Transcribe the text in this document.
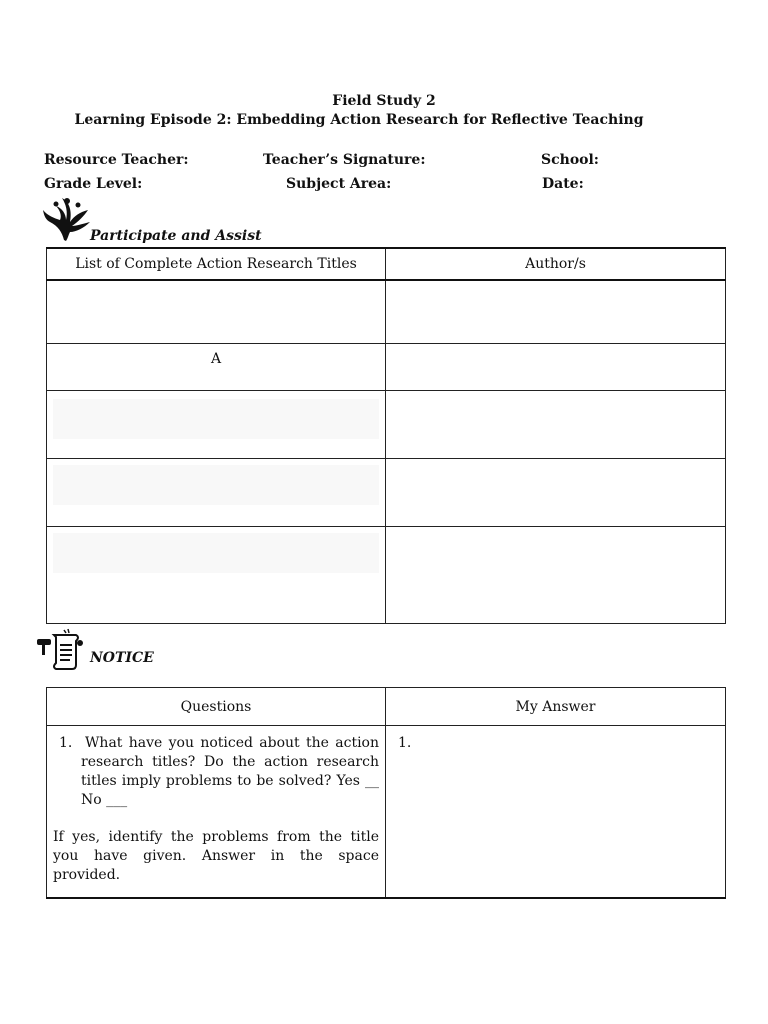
Field Study 2
Learning Episode 2: Embedding Action Research for Reflective Teaching
Resource Teacher:	Teacher’s Signature:	School:
Grade Level:	Subject Area:	Date:
Participate and Assist
List of Complete Action Research Titles	Author/s

A	

NOTICE
Questions	My Answer

1. What have you noticed about the action research titles? Do the action research titles imply problems to be solved? Yes __ No ___
If yes, identify the problems from the title you have given. Answer in the space provided.	1.
